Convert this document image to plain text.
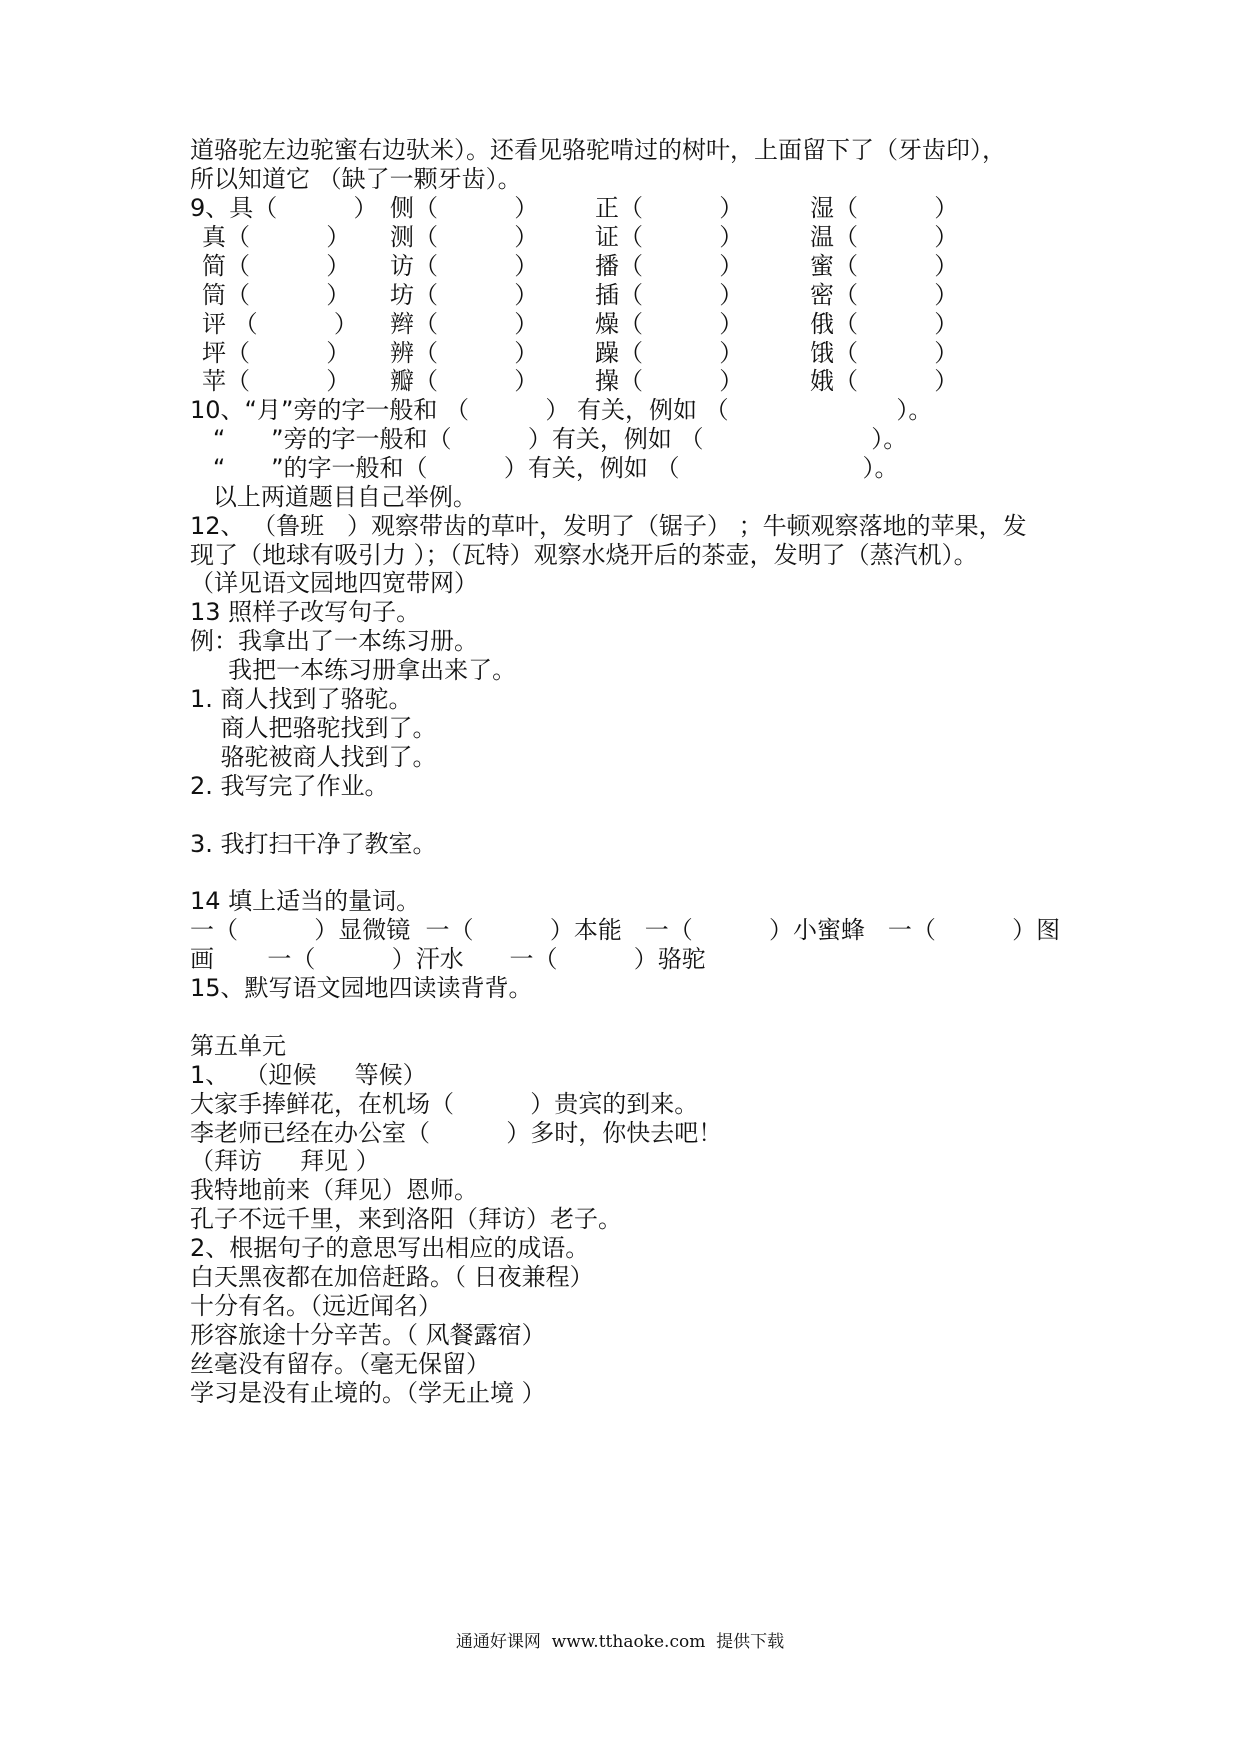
道骆驼左边驼蜜右边驮米）。还看见骆驼啃过的树叶，上面留下了（牙齿印），
所以知道它 （缺了一颗牙齿）。
9、具（          ） 侧（          ） 正（          ）	湿（          ）
真（          ） 测（          ） 证（          ）	温（          ）
简（          ） 访（          ） 播（          ）	蜜（          ）
筒（          ） 坊（          ） 插（          ）	密（          ）
评 （          ） 辫（          ） 燥（          ）	俄（          ）
坪（          ） 辨（          ） 躁（          ）	饿（          ）
苹（          ） 瓣（          ） 操（          ）	娥（          ）
10、“月”旁的字一般和 （          ） 有关，例如 （                      ）。
“      ”旁的字一般和（          ）有关，例如 （                      ）。
“      ”的字一般和（          ）有关，例如 （                        ）。
以上两道题目自己举例。
12、 （鲁班   ）观察带齿的草叶，发明了（锯子） ；牛顿观察落地的苹果，发
现了（地球有吸引力 ）；（瓦特）观察水烧开后的茶壶，发明了（蒸汽机）。
（详见语文园地四宽带网）
13 照样子改写句子。
例：我拿出了一本练习册。
我把一本练习册拿出来了。
1. 商人找到了骆驼。
商人把骆驼找到了。
骆驼被商人找到了。
2. 我写完了作业。
3. 我打扫干净了教室。
14 填上适当的量词。
一（          ）显微镜  一（          ）本能   一（          ）小蜜蜂   一（          ）图
画       一（          ）汗水      一（          ）骆驼
15、默写语文园地四读读背背。
第五单元
1、  （迎候     等候）
大家手捧鲜花，在机场（          ）贵宾的到来。
李老师已经在办公室（          ）多时，你快去吧！
（拜访     拜见 ）
我特地前来（拜见）恩师。
孔子不远千里，来到洛阳（拜访）老子。
2、根据句子的意思写出相应的成语。
白天黑夜都在加倍赶路。（ 日夜兼程）
十分有名。（远近闻名）
形容旅途十分辛苦。（ 风餐露宿）
丝毫没有留存。（毫无保留）
学习是没有止境的。（学无止境 ）
通通好课网  www.tthaoke.com  提供下载
